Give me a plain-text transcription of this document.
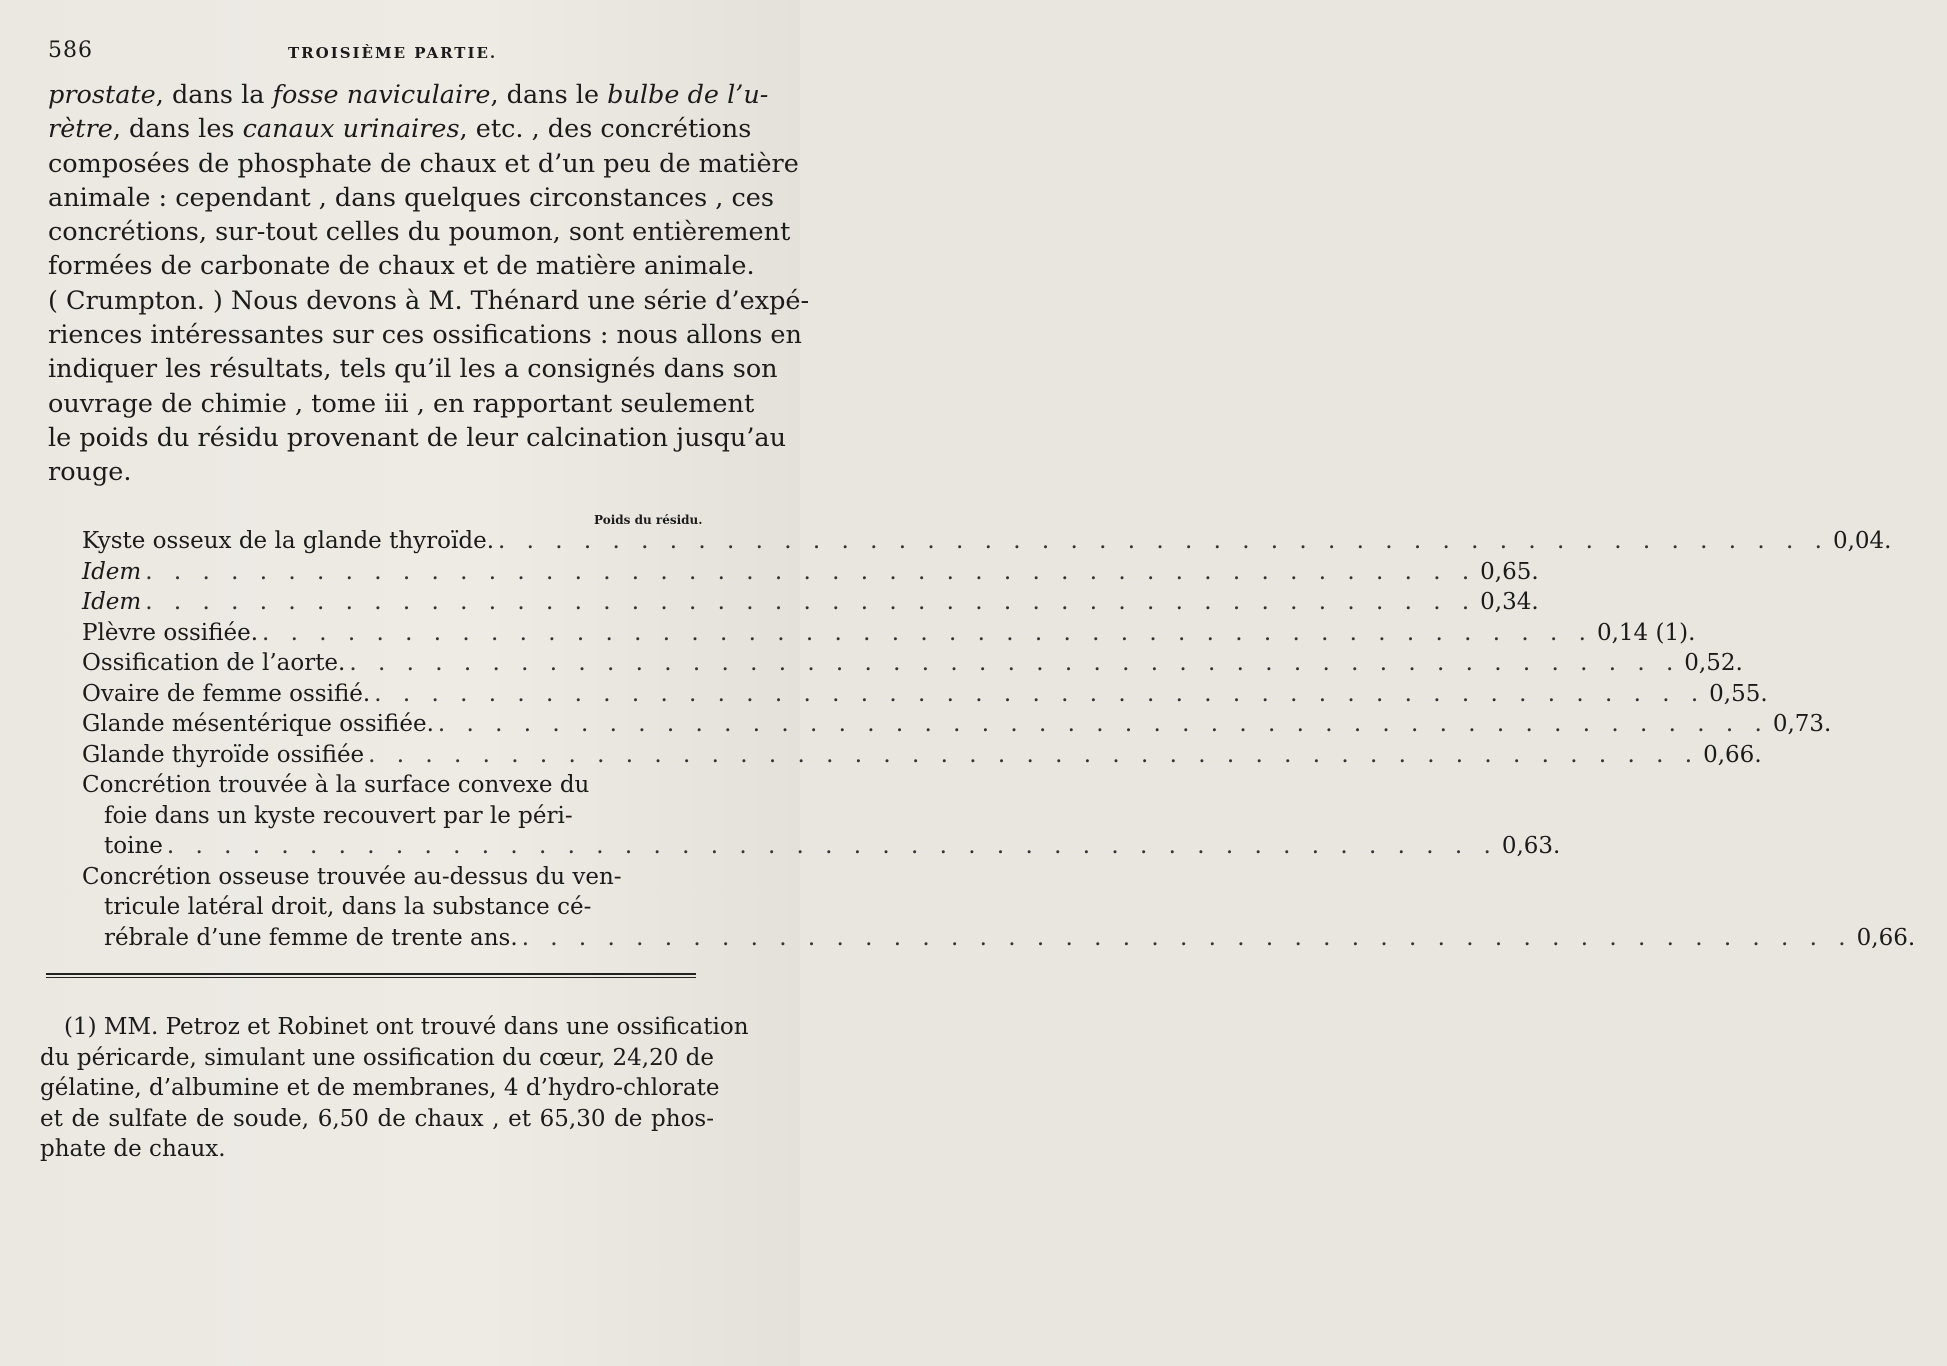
586	TROISIÈME PARTIE.
prostate, dans la fosse naviculaire, dans le bulbe de l’u-
rètre, dans les canaux urinaires, etc. , des concrétions
composées de phosphate de chaux et d’un peu de matière
animale : cependant , dans quelques circonstances , ces
concrétions, sur-tout celles du poumon, sont entièrement
formées de carbonate de chaux et de matière animale.
( Crumpton. ) Nous devons à M. Thénard une série d’expé-
riences intéressantes sur ces ossifications : nous allons en
indiquer les résultats, tels qu’il les a consignés dans son
ouvrage de chimie , tome iii , en rapportant seulement
le poids du résidu provenant de leur calcination jusqu’au
rouge.
Poids du résidu.
Kyste osseux de la glande thyroïde. . . .	0,04.
Idem . . .	0,65.
Idem . . .	0,34.
Plèvre ossifiée. . . .	0,14 (1).
Ossification de l’aorte. . . .	0,52.
Ovaire de femme ossifié. . . .	0,55.
Glande mésentérique ossifiée. . . .	0,73.
Glande thyroïde ossifiée . . .	0,66.
Concrétion trouvée à la surface convexe du
foie dans un kyste recouvert par le péri-
toine . . .	0,63.
Concrétion osseuse trouvée au-dessus du ven-
tricule latéral droit, dans la substance cé-
rébrale d’une femme de trente ans. . . .	0,66.
(1) MM. Petroz et Robinet ont trouvé dans une ossification
du péricarde, simulant une ossification du cœur, 24,20 de
gélatine, d’albumine et de membranes, 4 d’hydro-chlorate
et de sulfate de soude, 6,50 de chaux , et 65,30 de phos-
phate de chaux.
